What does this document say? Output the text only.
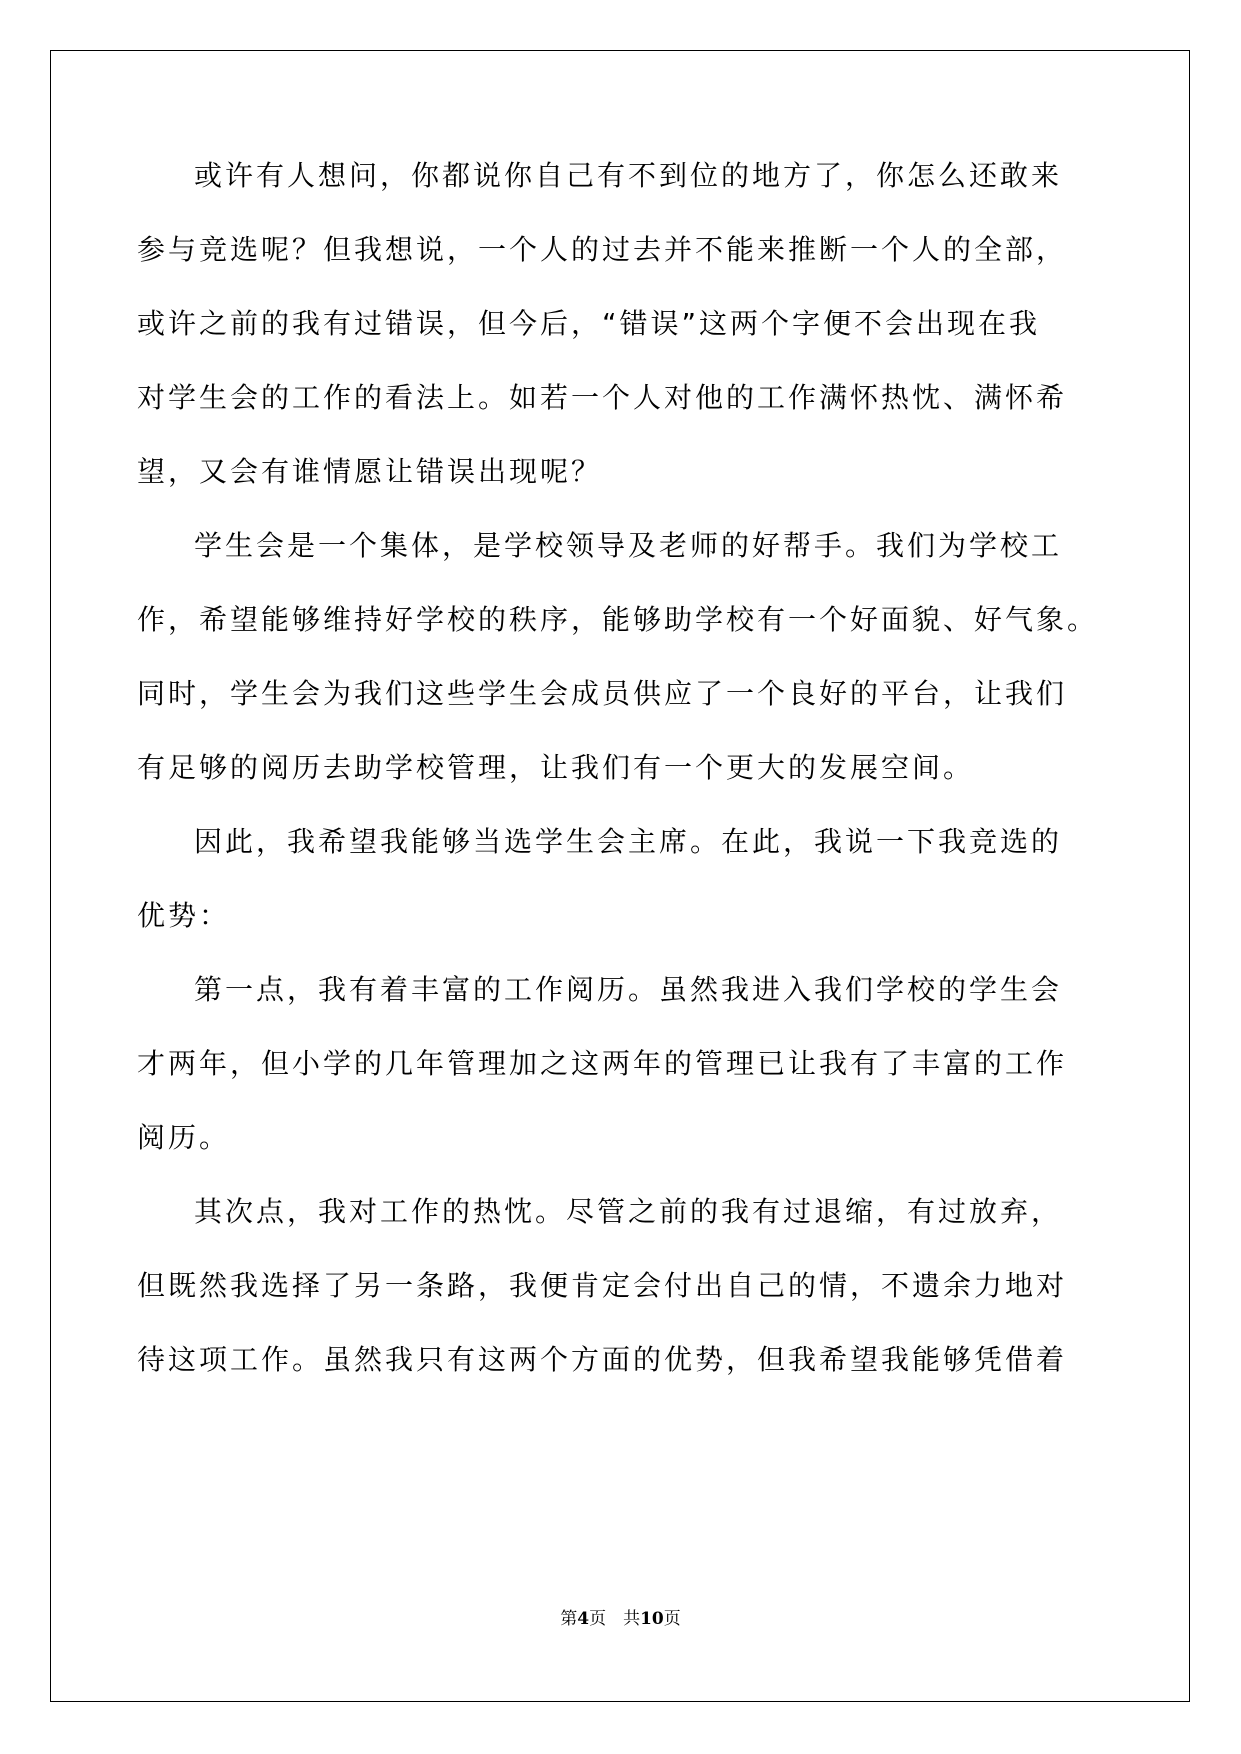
或许有人想问，你都说你自己有不到位的地方了，你怎么还敢来
参与竞选呢？但我想说，一个人的过去并不能来推断一个人的全部，
或许之前的我有过错误，但今后，“错误”这两个字便不会出现在我
对学生会的工作的看法上。如若一个人对他的工作满怀热忱、满怀希
望，又会有谁情愿让错误出现呢？
学生会是一个集体，是学校领导及老师的好帮手。我们为学校工
作，希望能够维持好学校的秩序，能够助学校有一个好面貌、好气象。
同时，学生会为我们这些学生会成员供应了一个良好的平台，让我们
有足够的阅历去助学校管理，让我们有一个更大的发展空间。
因此，我希望我能够当选学生会主席。在此，我说一下我竞选的
优势：
第一点，我有着丰富的工作阅历。虽然我进入我们学校的学生会
才两年，但小学的几年管理加之这两年的管理已让我有了丰富的工作
阅历。
其次点，我对工作的热忱。尽管之前的我有过退缩，有过放弃，
但既然我选择了另一条路，我便肯定会付出自己的情，不遗余力地对
待这项工作。虽然我只有这两个方面的优势，但我希望我能够凭借着
第4页　共10页
